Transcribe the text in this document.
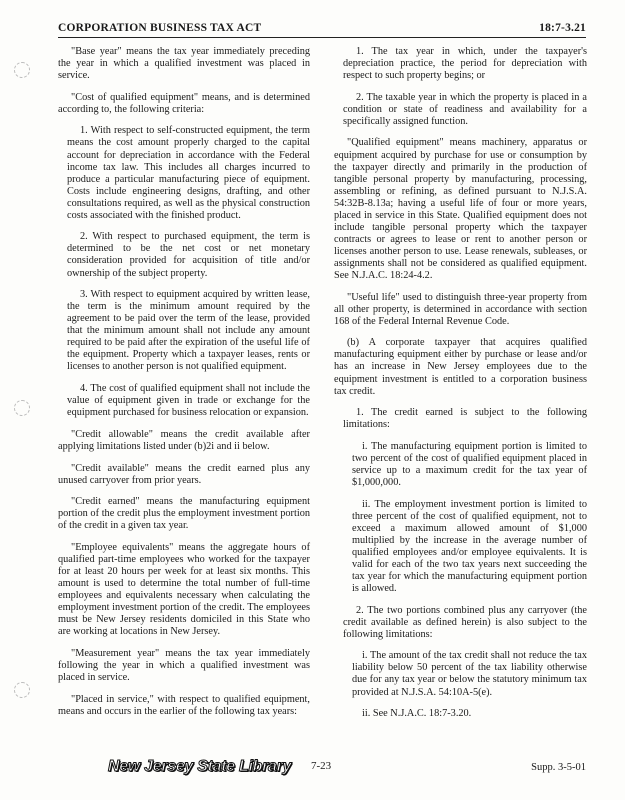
CORPORATION BUSINESS TAX ACT	18:7-3.21

"Base year" means the tax year immediately preceding the year in which a qualified investment was placed in service.

"Cost of qualified equipment" means, and is determined according to, the following criteria:

1. With respect to self-constructed equipment, the term means the cost amount properly charged to the capital account for depreciation in accordance with the Federal income tax law. This includes all charges incurred to produce a particular manufacturing piece of equipment. Costs include engineering designs, drafting, and other consultations required, as well as the physical construction costs associated with the finished product.

2. With respect to purchased equipment, the term is determined to be the net cost or net monetary consideration provided for acquisition of title and/or ownership of the subject property.

3. With respect to equipment acquired by written lease, the term is the minimum amount required by the agreement to be paid over the term of the lease, provided that the minimum amount shall not include any amount required to be paid after the expiration of the useful life of the equipment. Property which a taxpayer leases, rents or licenses to another person is not qualified equipment.

4. The cost of qualified equipment shall not include the value of equipment given in trade or exchange for the equipment purchased for business relocation or expansion.

"Credit allowable" means the credit available after applying limitations listed under (b)2i and ii below.

"Credit available" means the credit earned plus any unused carryover from prior years.

"Credit earned" means the manufacturing equipment portion of the credit plus the employment investment portion of the credit in a given tax year.

"Employee equivalents" means the aggregate hours of qualified part-time employees who worked for the taxpayer for at least 20 hours per week for at least six months. This amount is used to determine the total number of full-time employees and equivalents necessary when calculating the employment investment portion of the credit. The employees must be New Jersey residents domiciled in this State who are working at locations in New Jersey.

"Measurement year" means the tax year immediately following the year in which a qualified investment was placed in service.

"Placed in service," with respect to qualified equipment, means and occurs in the earlier of the following tax years:

1. The tax year in which, under the taxpayer's depreciation practice, the period for depreciation with respect to such property begins; or

2. The taxable year in which the property is placed in a condition or state of readiness and availability for a specifically assigned function.

"Qualified equipment" means machinery, apparatus or equipment acquired by purchase for use or consumption by the taxpayer directly and primarily in the production of tangible personal property by manufacturing, processing, assembling or refining, as defined pursuant to N.J.S.A. 54:32B-8.13a; having a useful life of four or more years, placed in service in this State. Qualified equipment does not include tangible personal property which the taxpayer contracts or agrees to lease or rent to another person or licenses another person to use. Lease renewals, subleases, or assignments shall not be considered as qualified equipment. See N.J.A.C. 18:24-4.2.

"Useful life" used to distinguish three-year property from all other property, is determined in accordance with section 168 of the Federal Internal Revenue Code.

(b) A corporate taxpayer that acquires qualified manufacturing equipment either by purchase or lease and/or has an increase in New Jersey employees due to the equipment investment is entitled to a corporation business tax credit.

1. The credit earned is subject to the following limitations:

i. The manufacturing equipment portion is limited to two percent of the cost of qualified equipment placed in service up to a maximum credit for the tax year of $1,000,000.

ii. The employment investment portion is limited to three percent of the cost of qualified equipment, not to exceed a maximum allowed amount of $1,000 multiplied by the increase in the average number of qualified employees and/or employee equivalents. It is valid for each of the two tax years next succeeding the tax year for which the manufacturing equipment portion is allowed.

2. The two portions combined plus any carryover (the credit available as defined herein) is also subject to the following limitations:

i. The amount of the tax credit shall not reduce the tax liability below 50 percent of the tax liability otherwise due for any tax year or below the statutory minimum tax provided at N.J.S.A. 54:10A-5(e).

ii. See N.J.A.C. 18:7-3.20.

New Jersey State Library 7-23	Supp. 3-5-01
